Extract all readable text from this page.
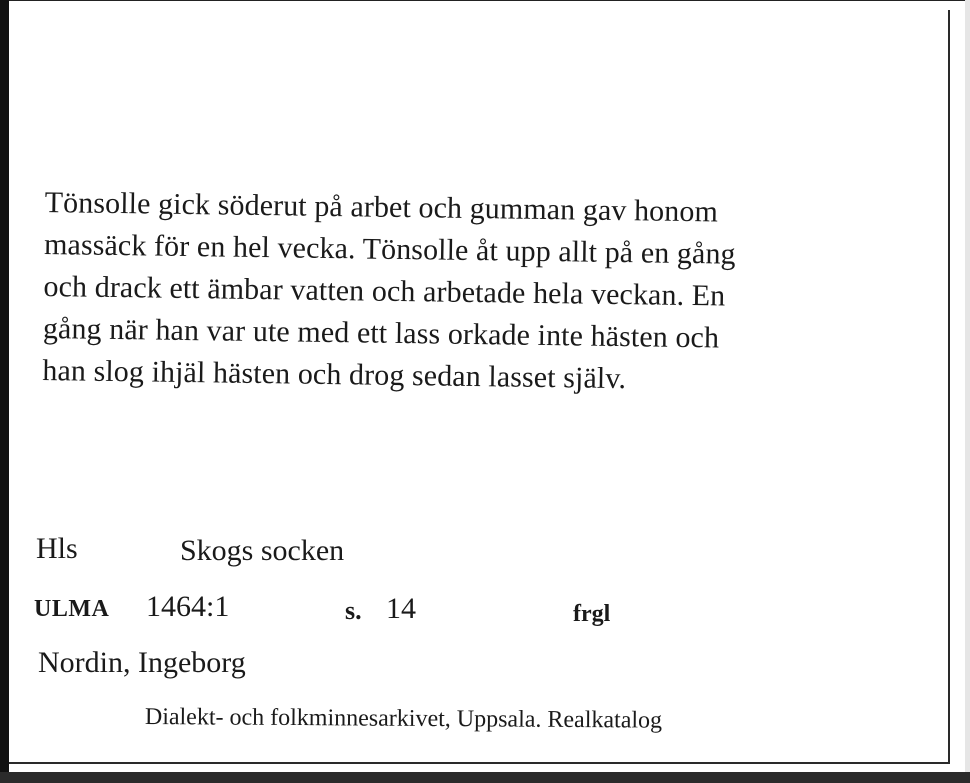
Tönsolle gick söderut på arbet och gumman gav honom
massäck för en hel vecka. Tönsolle åt upp allt på en gång
och drack ett ämbar vatten och arbetade hela veckan. En
gång när han var ute med ett lass orkade inte hästen och
han slog ihjäl hästen och drog sedan lasset själv.
Hls	Skogs socken
ULMA 1464:1	s. 14	frgl
Nordin, Ingeborg
Dialekt- och folkminnesarkivet, Uppsala. Realkatalog
